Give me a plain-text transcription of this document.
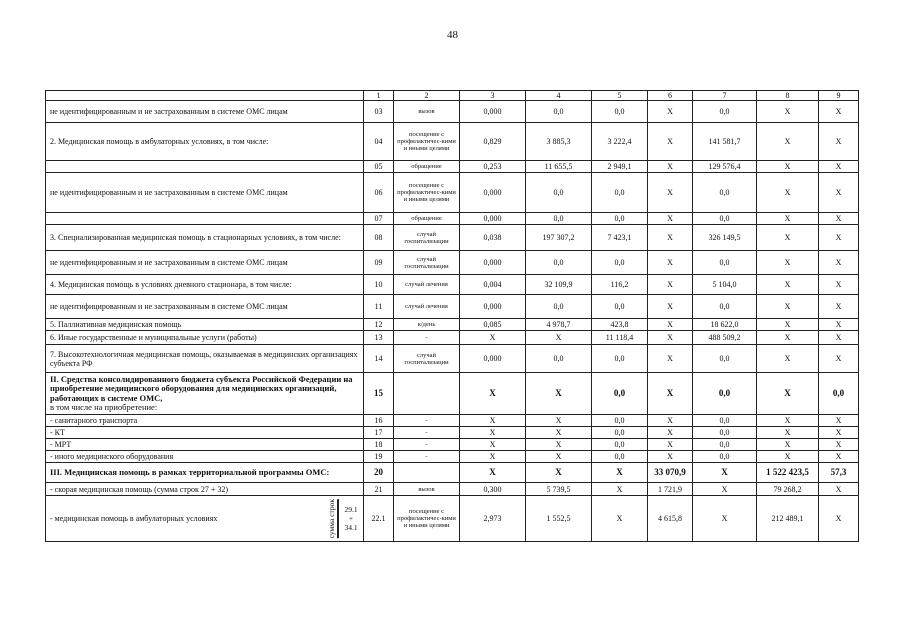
48
	1	2	3	4	5	6	7	8	9
не идентифицированным и не застрахованным в системе ОМС лицам	03	вызов	0,000	0,0	0,0	X	0,0	X	X
2. Медицинская помощь в амбулаторных условиях, в том числе:	04	посещение с профилактичес-кими и иными целями	0,829	3 885,3	3 222,4	X	141 581,7	X	X
	05	обращение	0,253	11 655,5	2 949,1	X	129 576,4	X	X
не идентифицированным и не застрахованным в системе ОМС лицам	06	посещение с профилактичес-кими и иными целями	0,000	0,0	0,0	X	0,0	X	X
	07	обращение	0,000	0,0	0,0	X	0,0	X	X
3. Специализированная медицинская помощь в стационарных условиях, в том числе:	08	случай госпитализации	0,038	197 307,2	7 423,1	X	326 149,5	X	X
не идентифицированным и не застрахованным в системе ОМС лицам	09	случай госпитализации	0,000	0,0	0,0	X	0,0	X	X
4. Медицинская помощь в условиях дневного стационара, в том числе:	10	случай лечения	0,004	32 109,9	116,2	X	5 104,0	X	X
не идентифицированным и не застрахованным в системе ОМС лицам	11	случай лечения	0,000	0,0	0,0	X	0,0	X	X
5. Паллиативная медицинская помощь	12	к/день	0,085	4 978,7	423,8	X	18 622,0	X	X
6. Иные государственные и муниципальные услуги (работы)	13	-	X	X	11 118,4	X	488 509,2	X	X
7. Высокотехнологичная медицинская помощь, оказываемая в медицинских организациях субъекта РФ	14	случай госпитализации	0,000	0,0	0,0	X	0,0	X	X
II. Средства консолидированного бюджета субъекта Российской Федерации на приобретение медицинского оборудования для медицинских организаций, работающих в системе ОМС,
в том числе на приобретение:	15		X	X	0,0	X	0,0	X	0,0
- санитарного транспорта	16	-	X	X	0,0	X	0,0	X	X
- КТ	17	-	X	X	0,0	X	0,0	X	X
- МРТ	18	-	X	X	0,0	X	0,0	X	X
- иного медицинского оборудования	19	-	X	X	0,0	X	0,0	X	X
III. Медицинская помощь в рамках территориальной программы ОМС:	20		X	X	X	33 070,9	X	1 522 423,5	57,3
- скорая медицинская помощь (сумма строк 27 + 32)	21	вызов	0,300	5 739,5	X	1 721,9	X	79 268,2	X

- медицинская помощь в амбулаторных условиях сумма строк 29.1
+
34.1	22.1	посещение с профилактичес-кими и иными целями	2,973	1 552,5	X	4 615,8	X	212 489,1	X
